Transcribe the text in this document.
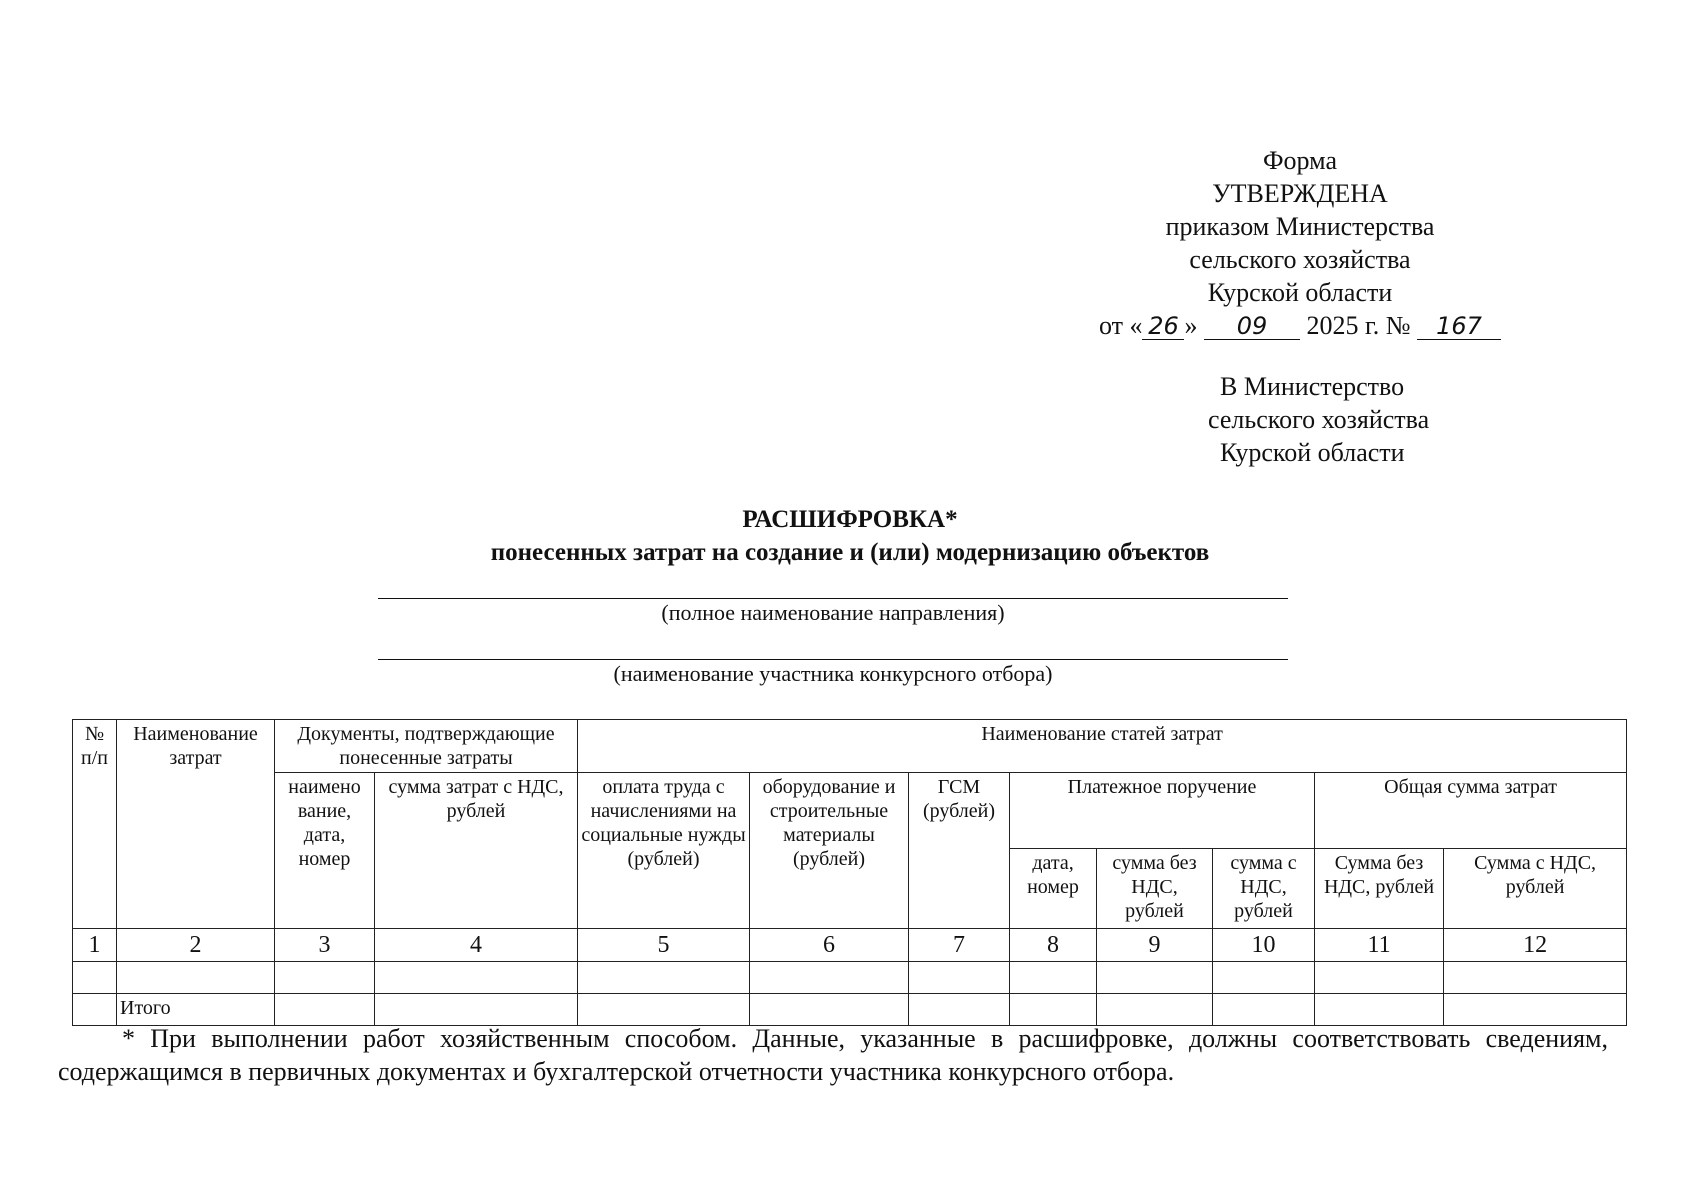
Форма
УТВЕРЖДЕНА
приказом Министерства
сельского хозяйства
Курской области
от « 26 » 09 2025 г. № 167
В Министерство
сельского хозяйства
Курской области
РАСШИФРОВКА*
понесенных затрат на создание и (или) модернизацию объектов
(полное наименование направления)
(наименование участника конкурсного отбора)
№ п/п	Наименование затрат	Документы, подтверждающие понесенные затраты		Наименование статей затрат							
		наимено вание, дата, номер	сумма затрат с НДС, рублей	оплата труда с начислениями на социальные нужды (рублей)	оборудование и строительные материалы (рублей)	ГСМ (рублей)	Платежное поручение			Общая сумма затрат	
							дата, номер	сумма без НДС, рублей	сумма с НДС, рублей	Сумма без НДС, рублей	Сумма с НДС, рублей
1	2	3	4	5	6	7	8	9	10	11	12

	Итого										
* При выполнении работ хозяйственным способом. Данные, указанные в расшифровке, должны соответствовать сведениям, содержащимся в первичных документах и бухгалтерской отчетности участника конкурсного отбора.
